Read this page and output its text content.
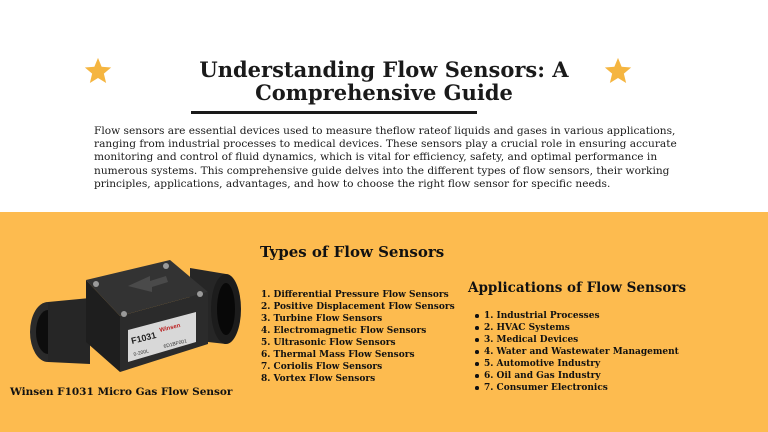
Understanding Flow Sensors: A Comprehensive Guide

Flow sensors are essential devices used to measure theflow rateof liquids and gases in various applications, ranging from industrial processes to medical devices. These sensors play a crucial role in ensuring accurate monitoring and control of fluid dynamics, which is vital for efficiency, safety, and optimal performance in numerous systems. This comprehensive guide delves into the different types of flow sensors, their working principles, applications, advantages, and how to choose the right flow sensor for specific needs.

F1031
Winsen
0-200L
6D1BF001
Winsen F1031 Micro Gas Flow Sensor
Types of Flow Sensors
1. Differential Pressure Flow Sensors
2. Positive Displacement Flow Sensors
3. Turbine Flow Sensors
4. Electromagnetic Flow Sensors
5. Ultrasonic Flow Sensors
6. Thermal Mass Flow Sensors
7. Coriolis Flow Sensors
8. Vortex Flow Sensors
Applications of Flow Sensors
1. Industrial Processes
2. HVAC Systems
3. Medical Devices
4. Water and Wastewater Management
5. Automotive Industry
6. Oil and Gas Industry
7. Consumer Electronics
